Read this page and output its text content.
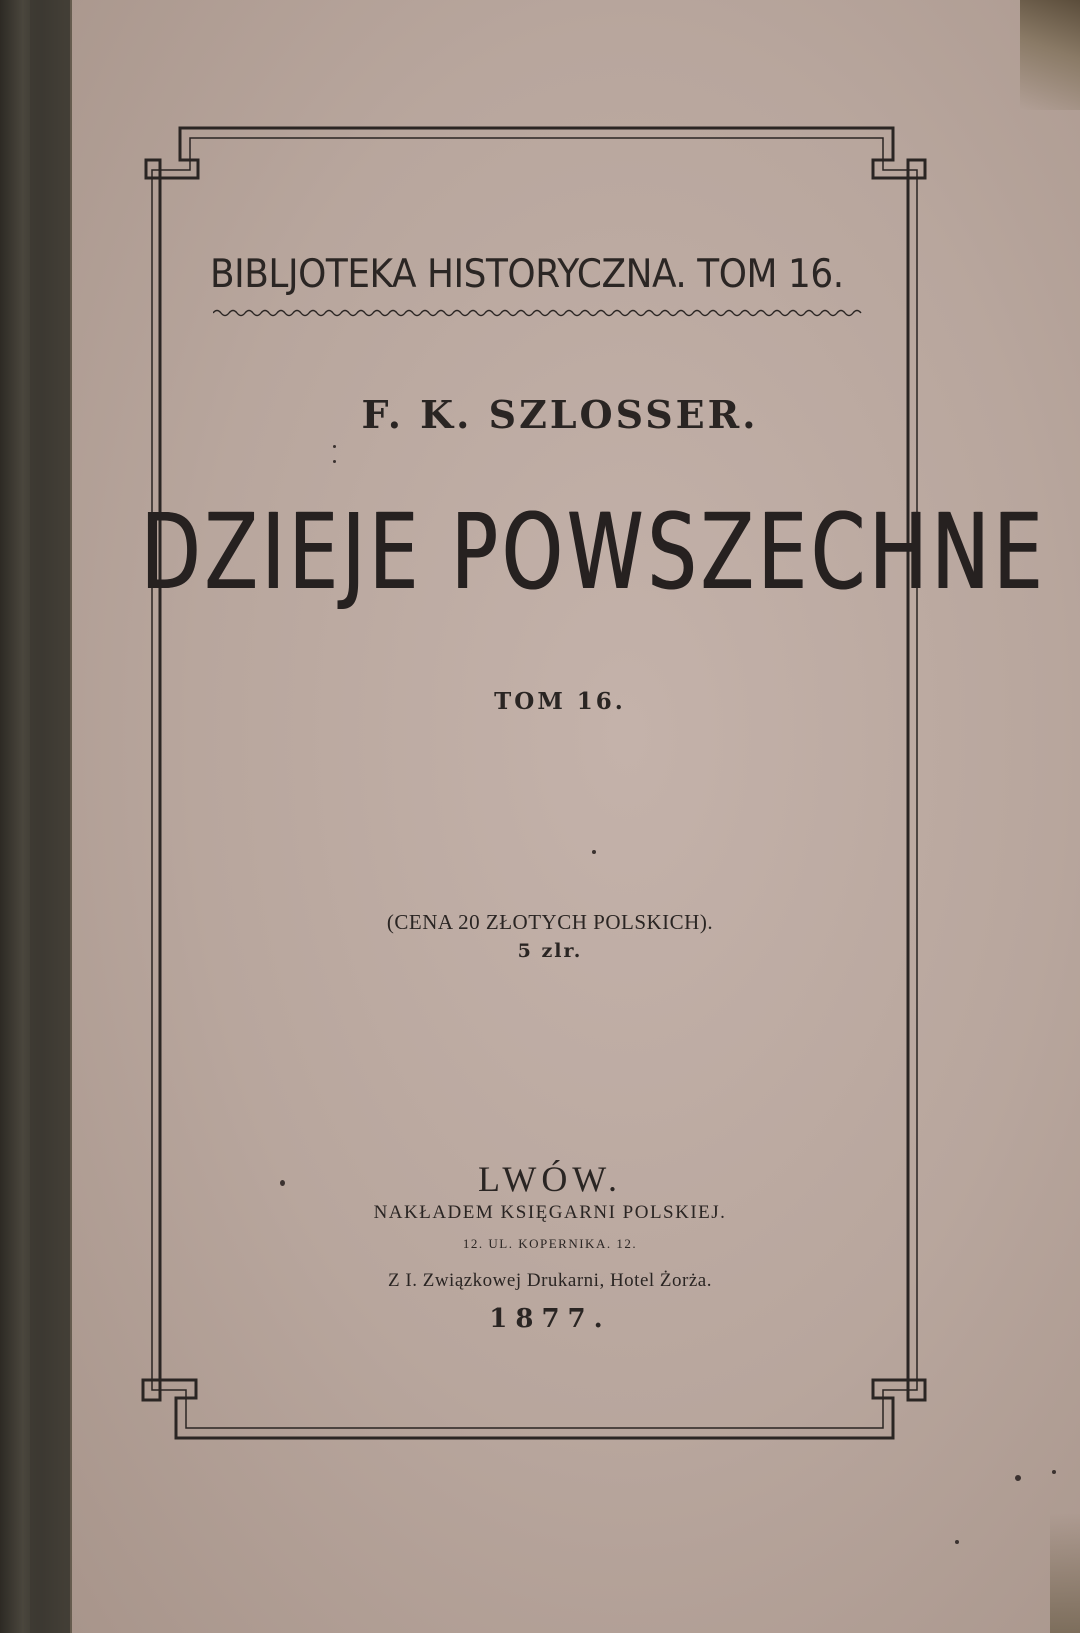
BIBLJOTEKA HISTORYCZNA. TOM 16.
F. K. SZLOSSER.
DZIEJE POWSZECHNE
TOM 16.
(CENA 20 ZŁOTYCH POLSKICH).
5 zlr.
LWÓW.
NAKŁADEM KSIĘGARNI POLSKIEJ.
12. UL. KOPERNIKA. 12.
Z I. Związkowej Drukarni, Hotel Żorża.
1877.
